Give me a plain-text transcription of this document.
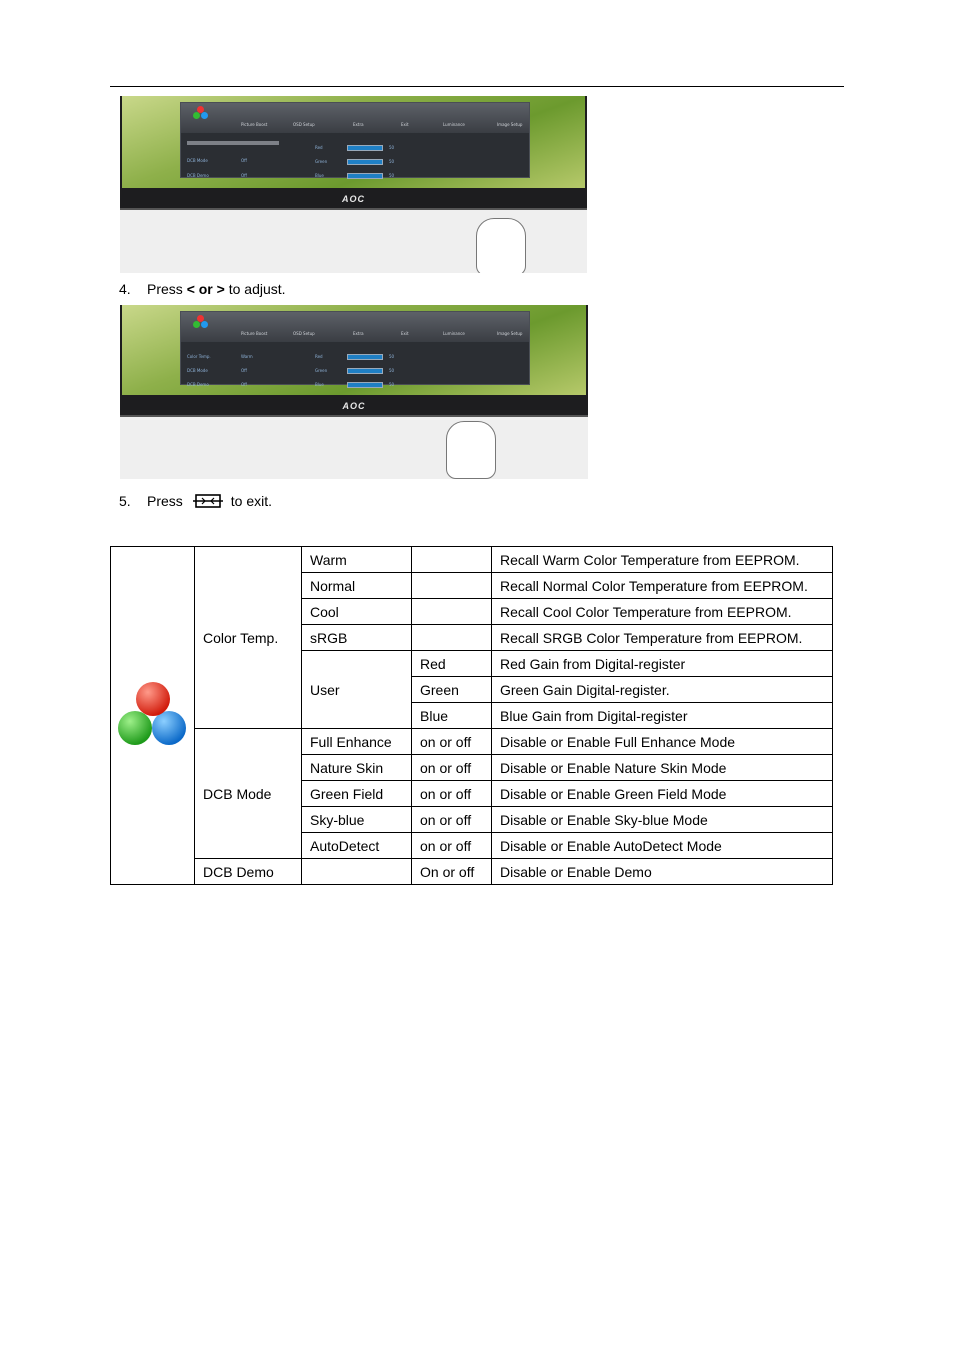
Picture Boost	OSD Setup	Extra	Exit	Luminance	Image Setup
DCB Mode	Off
DCB Demo	Off
Red	50
Green	50
Blue	50
AOC
4. Press < or > to adjust.
Picture Boost	OSD Setup	Extra	Exit	Luminance	Image Setup
Color Temp.	Warm
DCB Mode	Off
DCB Demo	Off
Red	50
Green	50
Blue	50
AOC
5. Press	to exit.
	Color Temp.	Warm		Recall Warm Color Temperature from EEPROM.
		Normal		Recall Normal Color Temperature from EEPROM.
		Cool		Recall Cool Color Temperature from EEPROM.
		sRGB		Recall SRGB Color Temperature from EEPROM.
		User	Red	Red Gain from Digital-register
			Green	Green Gain Digital-register.
			Blue	Blue Gain from Digital-register
	DCB Mode	Full Enhance	on or off	Disable or Enable Full Enhance Mode
		Nature Skin	on or off	Disable or Enable Nature Skin Mode
		Green Field	on or off	Disable or Enable Green Field Mode
		Sky-blue	on or off	Disable or Enable Sky-blue Mode
		AutoDetect	on or off	Disable or Enable AutoDetect Mode
	DCB Demo		On or off	Disable or Enable Demo
